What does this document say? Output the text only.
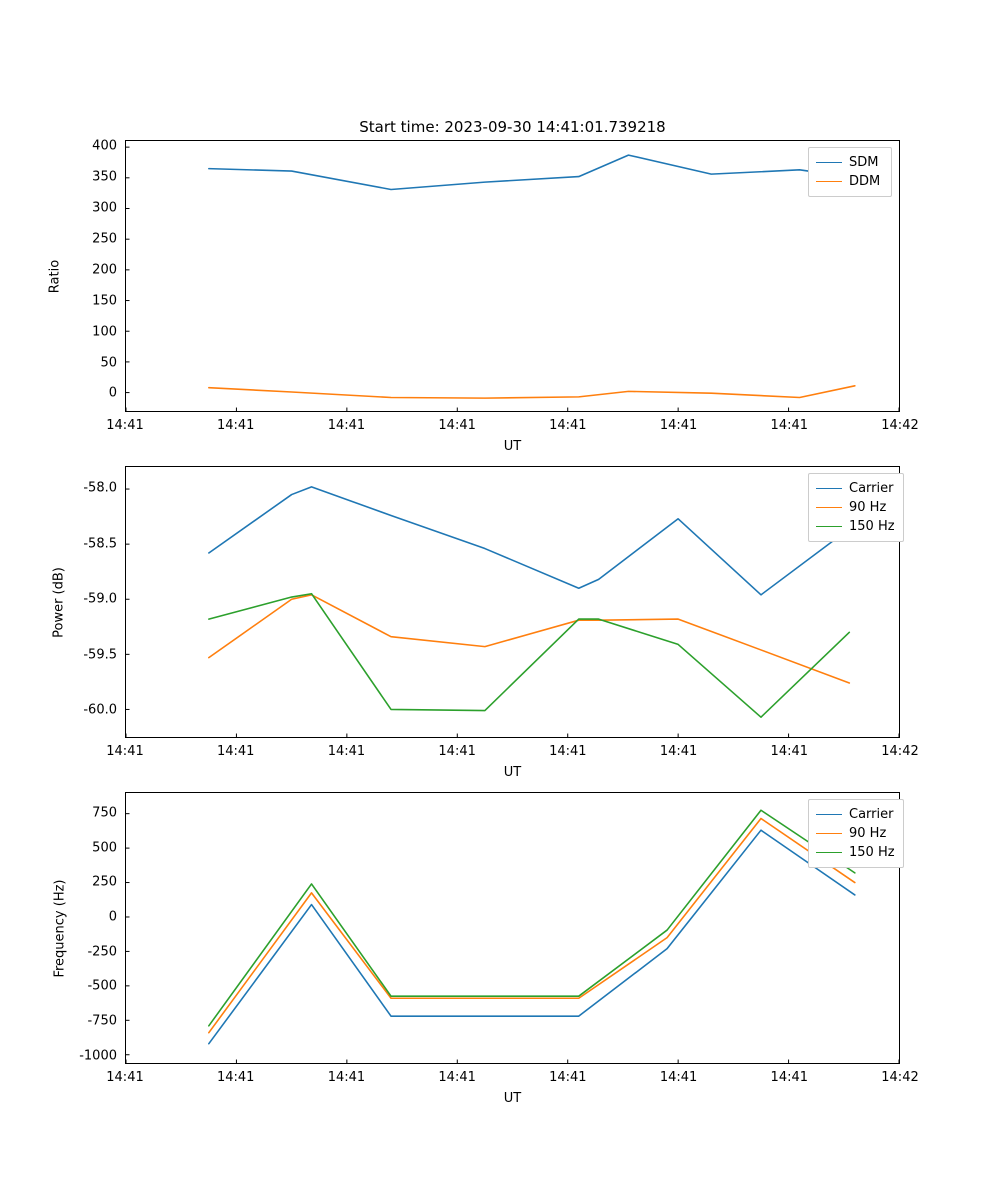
Start time: 2023-09-30 14:41:01.739218
Ratio
UT
SDM
DDM
Power (dB)
UT
Carrier
90 Hz
150 Hz
Frequency (Hz)
UT
Carrier
90 Hz
150 Hz
0
50
100
150
200
250
300
350
400
14:41	14:41	14:41	14:41	14:41	14:41	14:41	14:42
-58.0
-58.5
-59.0
-59.5
-60.0
14:41	14:41	14:41	14:41	14:41	14:41	14:41	14:42
750
500
250
0
-250
-500
-750
-1000
14:41	14:41	14:41	14:41	14:41	14:41	14:41	14:42
